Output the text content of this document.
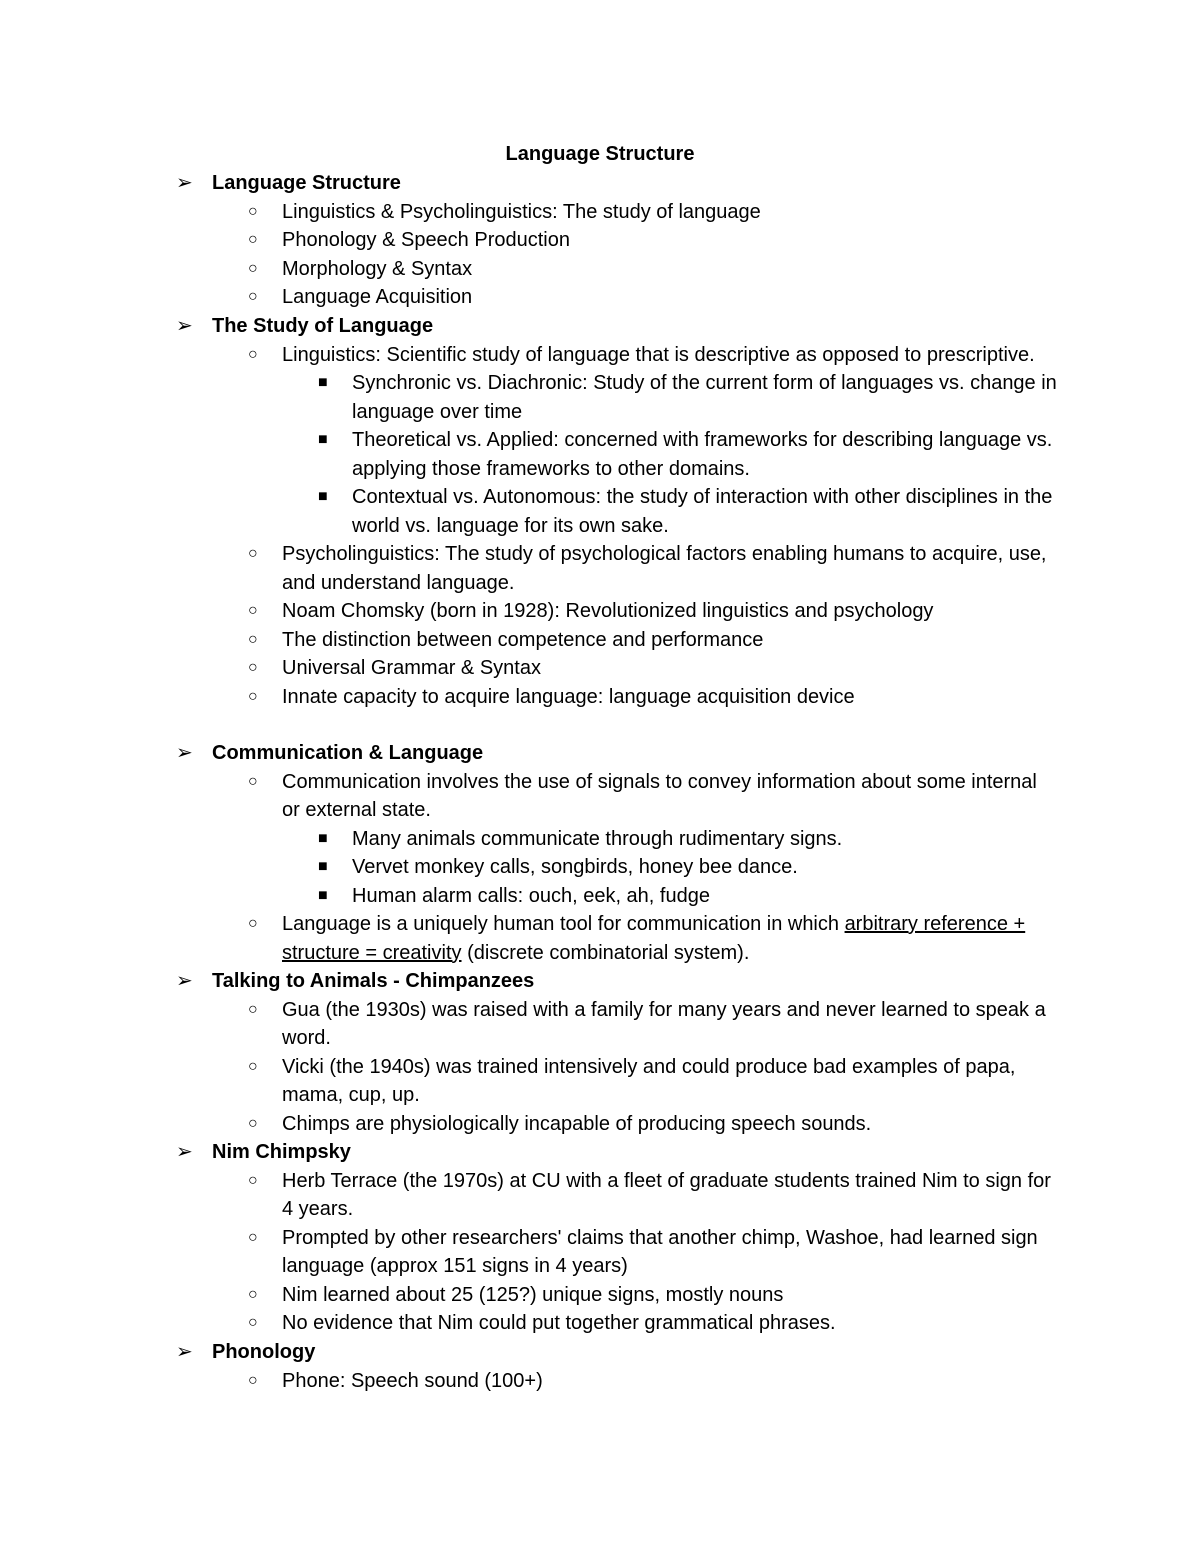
Language Structure
➢ Language Structure
○ Linguistics & Psycholinguistics: The study of language
○ Phonology & Speech Production
○ Morphology & Syntax
○ Language Acquisition
➢ The Study of Language
○ Linguistics: Scientific study of language that is descriptive as opposed to prescriptive.
■ Synchronic vs. Diachronic: Study of the current form of languages vs. change in language over time
■ Theoretical vs. Applied: concerned with frameworks for describing language vs. applying those frameworks to other domains.
■ Contextual vs. Autonomous: the study of interaction with other disciplines in the world vs. language for its own sake.
○ Psycholinguistics: The study of psychological factors enabling humans to acquire, use, and understand language.
○ Noam Chomsky (born in 1928): Revolutionized linguistics and psychology
○ The distinction between competence and performance
○ Universal Grammar & Syntax
○ Innate capacity to acquire language: language acquisition device
➢ Communication & Language
○ Communication involves the use of signals to convey information about some internal or external state.
■ Many animals communicate through rudimentary signs.
■ Vervet monkey calls, songbirds, honey bee dance.
■ Human alarm calls: ouch, eek, ah, fudge
○ Language is a uniquely human tool for communication in which arbitrary reference + structure = creativity (discrete combinatorial system).
➢ Talking to Animals - Chimpanzees
○ Gua (the 1930s) was raised with a family for many years and never learned to speak a word.
○ Vicki (the 1940s) was trained intensively and could produce bad examples of papa, mama, cup, up.
○ Chimps are physiologically incapable of producing speech sounds.
➢ Nim Chimpsky
○ Herb Terrace (the 1970s) at CU with a fleet of graduate students trained Nim to sign for 4 years.
○ Prompted by other researchers' claims that another chimp, Washoe, had learned sign language (approx 151 signs in 4 years)
○ Nim learned about 25 (125?) unique signs, mostly nouns
○ No evidence that Nim could put together grammatical phrases.
➢ Phonology
○ Phone: Speech sound (100+)
